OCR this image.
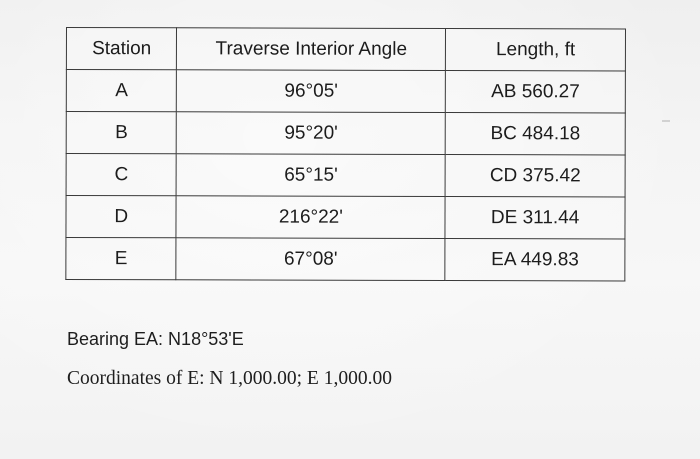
Station	Traverse Interior Angle	Length, ft
A	96°05'	AB 560.27
B	95°20'	BC 484.18
C	65°15'	CD 375.42
D	216°22'	DE 311.44
E	67°08'	EA 449.83
Bearing EA: N18°53'E
Coordinates of E: N 1,000.00; E 1,000.00
